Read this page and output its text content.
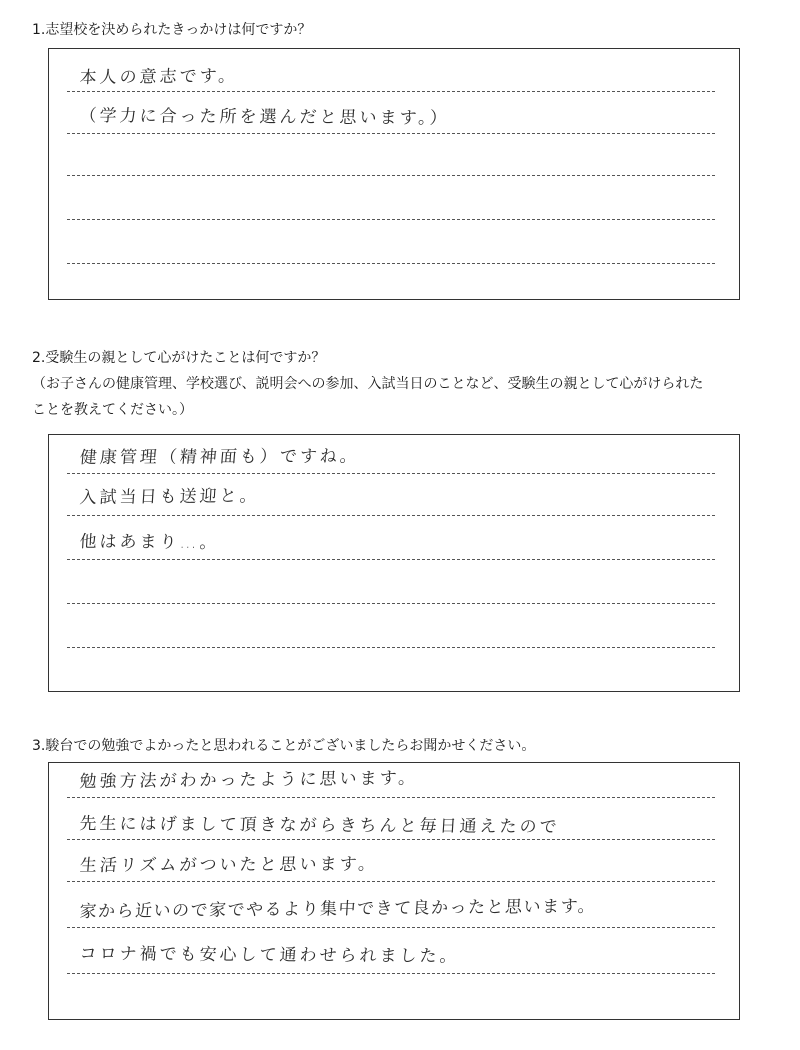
1.志望校を決められたきっかけは何ですか？
本人の意志です。
（学力に合った所を選んだと思います。）
2.受験生の親として心がけたことは何ですか？
（お子さんの健康管理、学校選び、説明会への参加、入試当日のことなど、受験生の親として心がけられた
ことを教えてください。）
健康管理（精神面も）ですね。
入試当日も送迎と。
他はあまり…。
3.駿台での勉強でよかったと思われることがございましたらお聞かせください。
勉強方法がわかったように思います。
先生にはげまして頂きながらきちんと毎日通えたので
生活リズムがついたと思います。
家から近いので家でやるより集中できて良かったと思います。
コロナ禍でも安心して通わせられました。
